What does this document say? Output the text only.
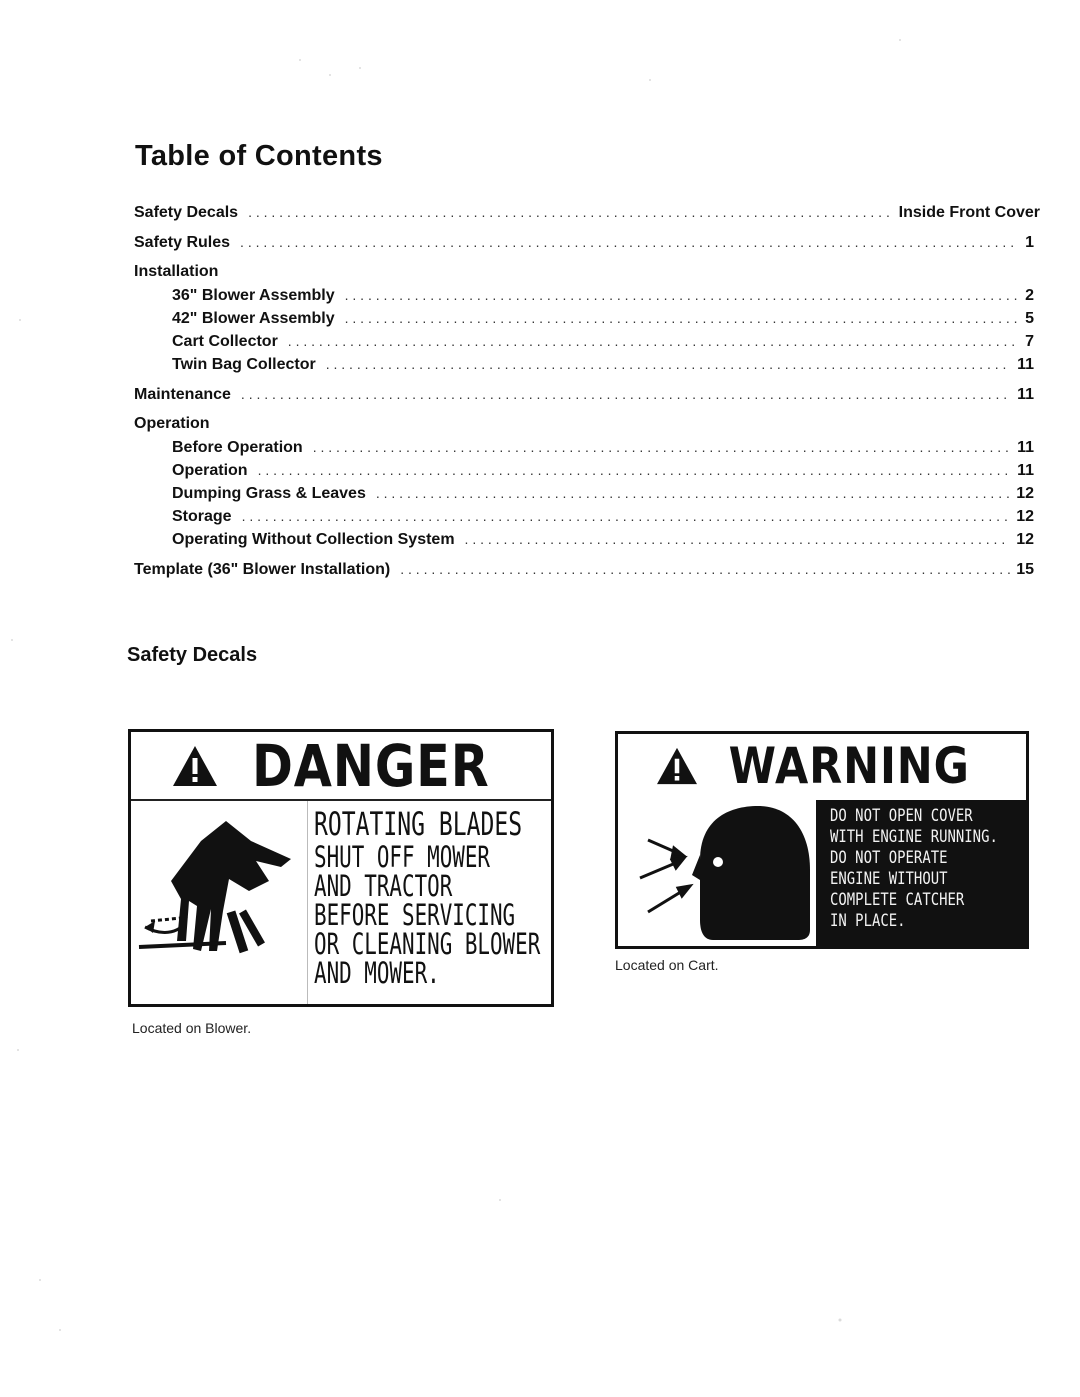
Table of Contents
Safety Decals . . .	Inside Front Cover
Safety Rules . . .	1
Installation
36" Blower Assembly . . .	2
42" Blower Assembly . . .	5
Cart Collector . . .	7
Twin Bag Collector . . .	11
Maintenance . . .	11
Operation
Before Operation . . .	11
Operation . . .	11
Dumping Grass & Leaves . . .	12
Storage . . .	12
Operating Without Collection System . . .	12
Template (36" Blower Installation) . . .	15
Safety Decals
DANGER
ROTATING BLADES
SHUT OFF MOWER
AND TRACTOR
BEFORE SERVICING
OR CLEANING BLOWER
AND MOWER.
Located on Blower.
WARNING
DO NOT OPEN COVER
WITH ENGINE RUNNING.
DO NOT OPERATE
ENGINE WITHOUT
COMPLETE CATCHER
IN PLACE.
Located on Cart.
